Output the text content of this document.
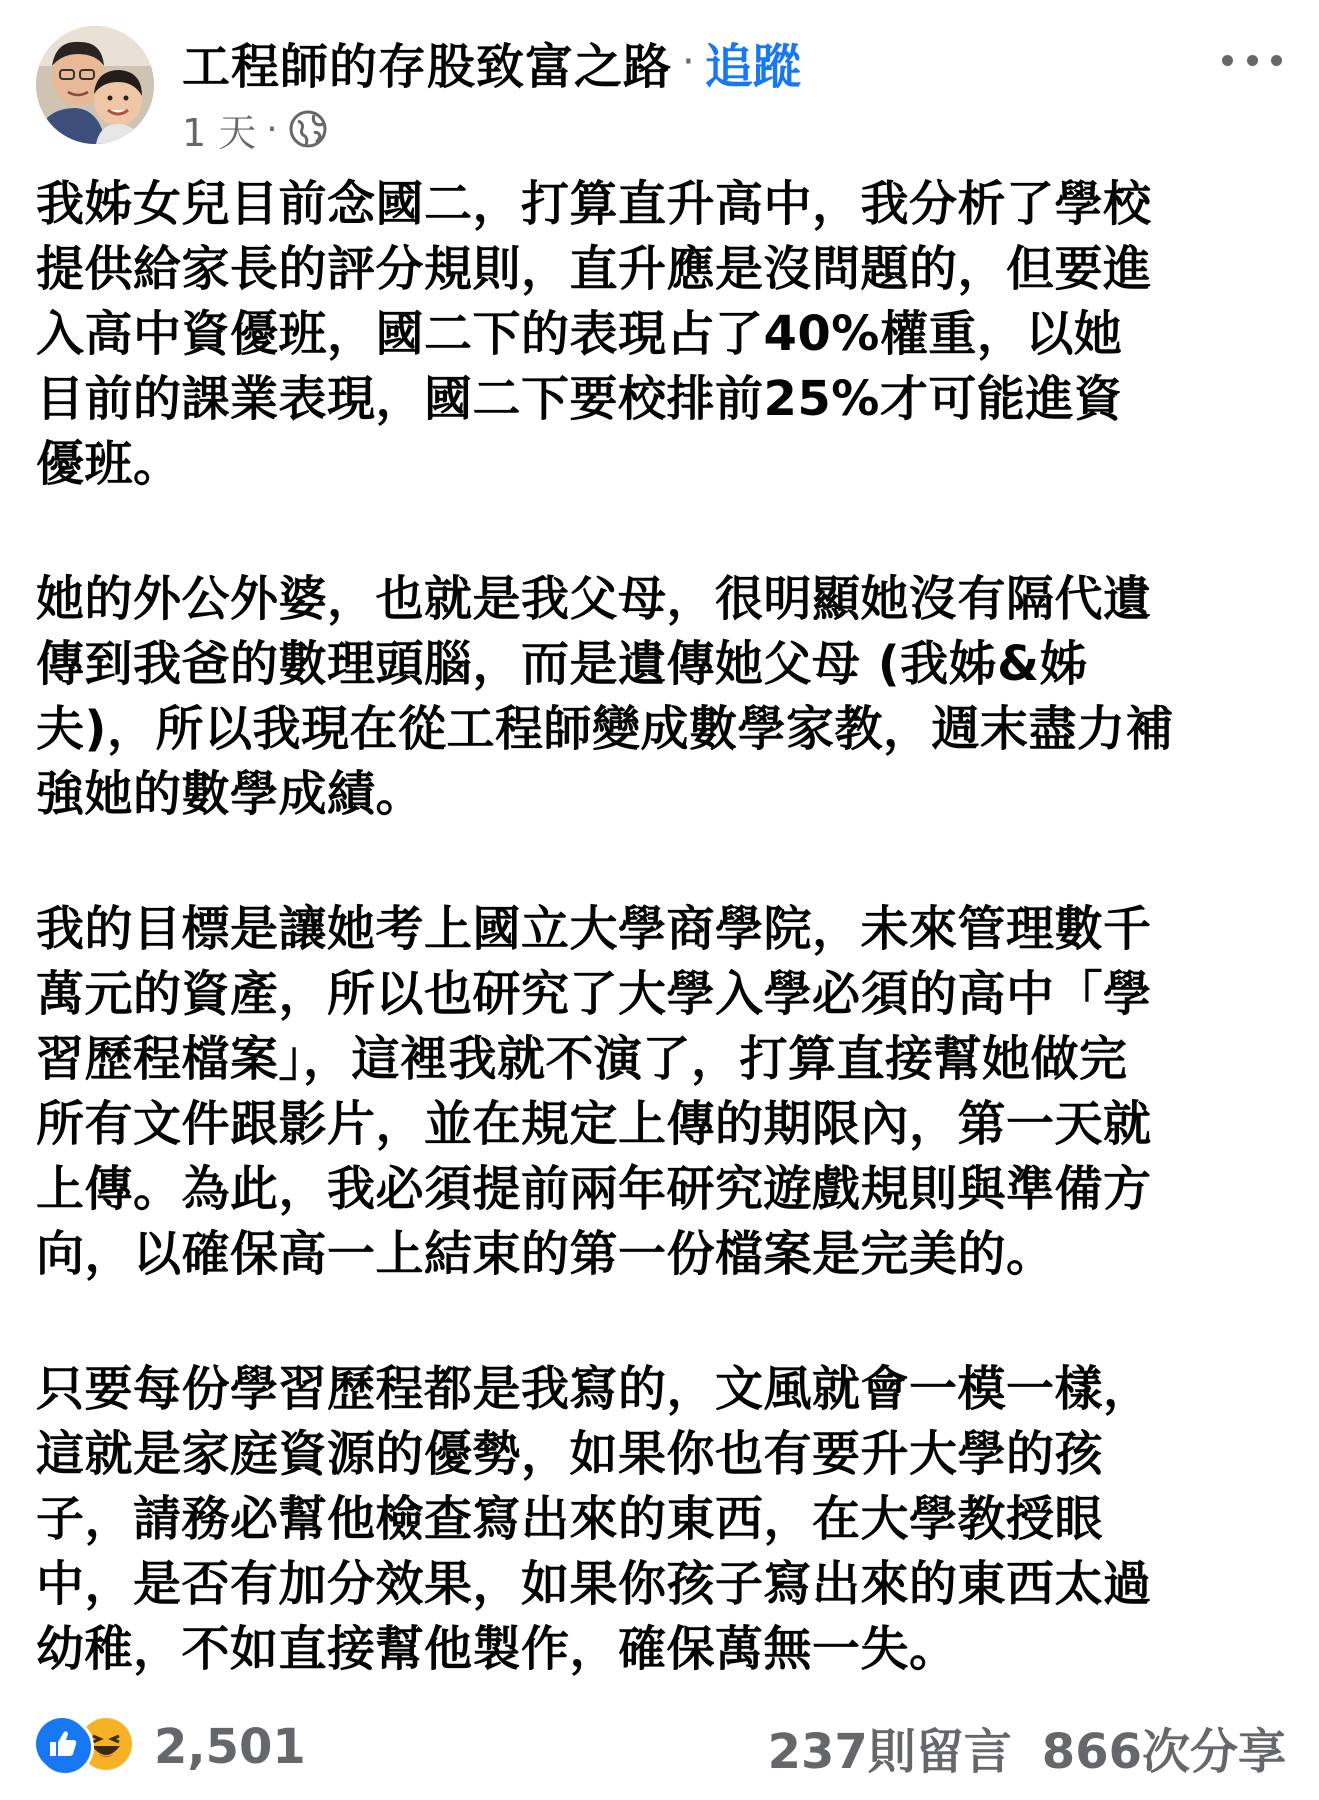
工程師的存股致富之路 · 追蹤
1 天 ·
我姊女兒目前念國二，打算直升高中，我分析了學校
提供給家長的評分規則，直升應是沒問題的，但要進
入高中資優班，國二下的表現占了40%權重，以她
目前的課業表現，國二下要校排前25%才可能進資
優班。
她的外公外婆，也就是我父母，很明顯她沒有隔代遺
傳到我爸的數理頭腦，而是遺傳她父母 (我姊&姊
夫)，所以我現在從工程師變成數學家教，週末盡力補
強她的數學成績。
我的目標是讓她考上國立大學商學院，未來管理數千
萬元的資產，所以也研究了大學入學必須的高中「學
習歷程檔案」，這裡我就不演了，打算直接幫她做完
所有文件跟影片，並在規定上傳的期限內，第一天就
上傳。為此，我必須提前兩年研究遊戲規則與準備方
向，以確保高一上結束的第一份檔案是完美的。
只要每份學習歷程都是我寫的，文風就會一模一樣，
這就是家庭資源的優勢，如果你也有要升大學的孩
子，請務必幫他檢查寫出來的東西，在大學教授眼
中，是否有加分效果，如果你孩子寫出來的東西太過
幼稚，不如直接幫他製作，確保萬無一失。
2,501	237則留言 866次分享
